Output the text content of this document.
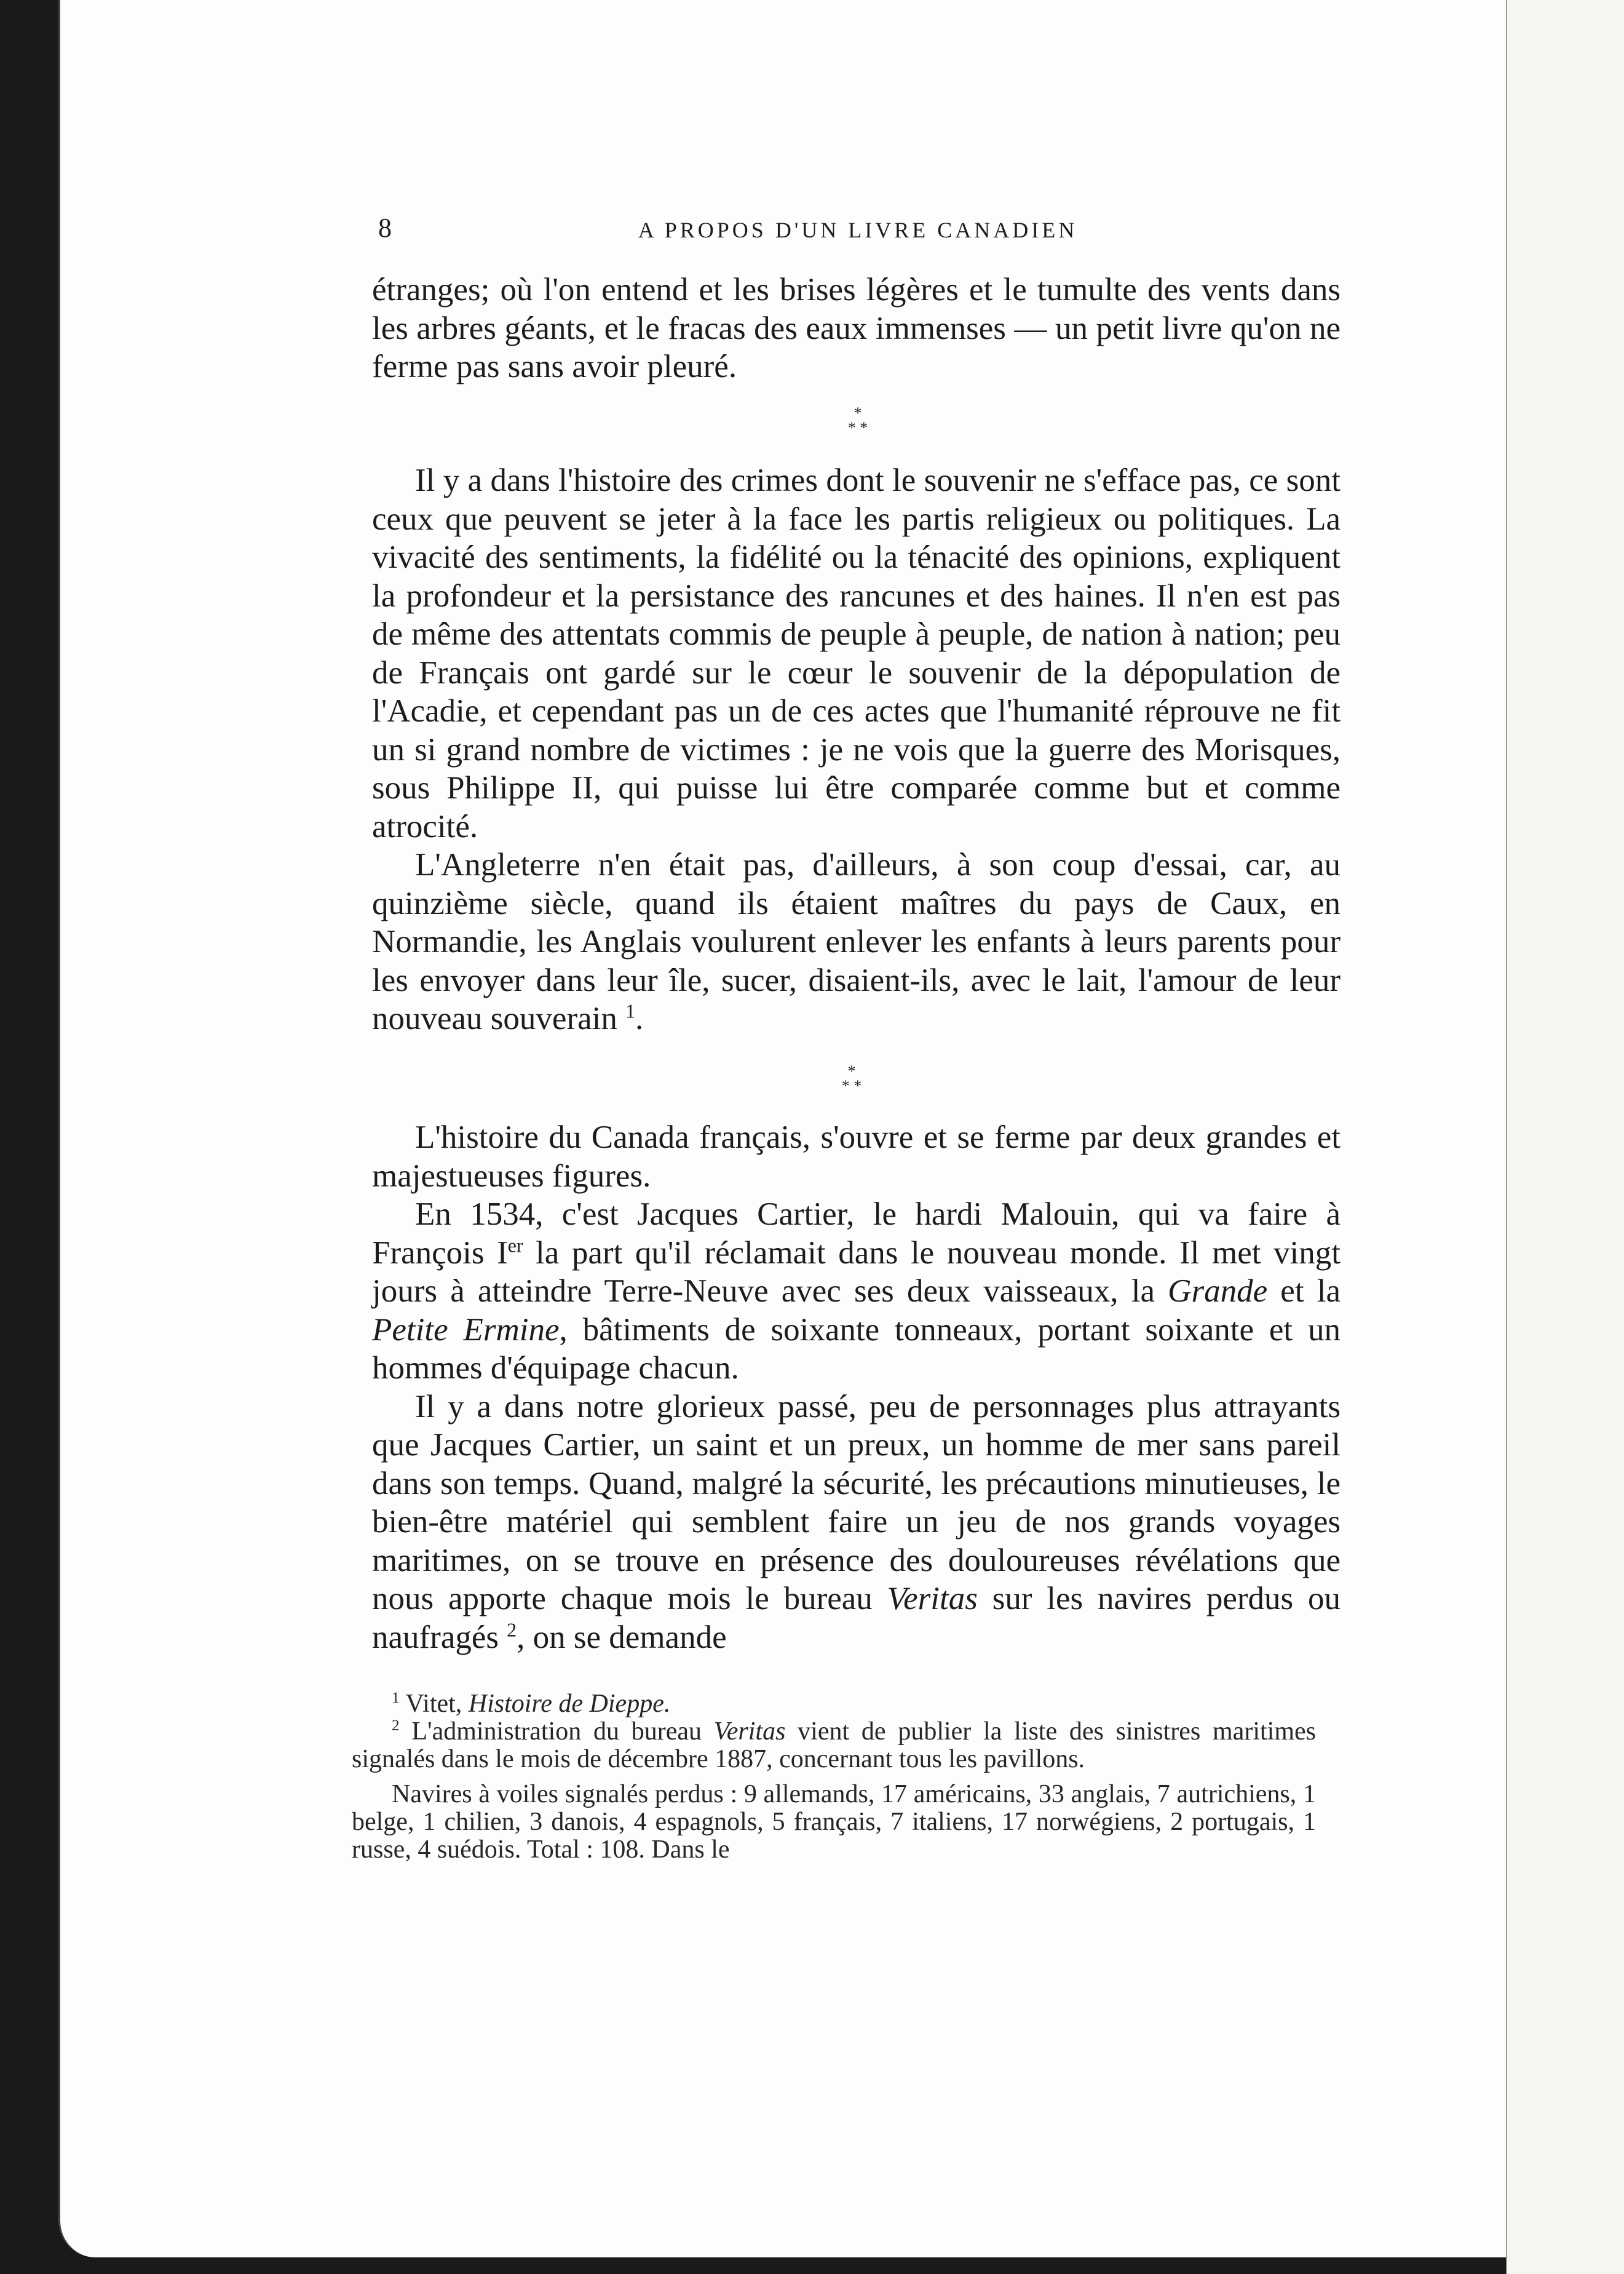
8	A PROPOS D'UN LIVRE CANADIEN

étranges; où l'on entend et les brises légères et le tumulte des vents dans les arbres géants, et le fracas des eaux immenses — un petit livre qu'on ne ferme pas sans avoir pleuré.

*
* *

Il y a dans l'histoire des crimes dont le souvenir ne s'efface pas, ce sont ceux que peuvent se jeter à la face les partis religieux ou politiques. La vivacité des sentiments, la fidélité ou la ténacité des opinions, expliquent la profondeur et la persistance des rancunes et des haines. Il n'en est pas de même des attentats commis de peuple à peuple, de nation à nation; peu de Français ont gardé sur le cœur le souvenir de la dépopulation de l'Acadie, et cependant pas un de ces actes que l'humanité réprouve ne fit un si grand nombre de victimes : je ne vois que la guerre des Morisques, sous Philippe II, qui puisse lui être comparée comme but et comme atrocité.

L'Angleterre n'en était pas, d'ailleurs, à son coup d'essai, car, au quinzième siècle, quand ils étaient maîtres du pays de Caux, en Normandie, les Anglais voulurent enlever les enfants à leurs parents pour les envoyer dans leur île, sucer, disaient-ils, avec le lait, l'amour de leur nouveau souverain $^1$.

*
* *

L'histoire du Canada français, s'ouvre et se ferme par deux grandes et majestueuses figures.

En 1534, c'est Jacques Cartier, le hardi Malouin, qui va faire à François Ier la part qu'il réclamait dans le nouveau monde. Il met vingt jours à atteindre Terre-Neuve avec ses deux vaisseaux, la Grande et la Petite Ermine, bâtiments de soixante tonneaux, portant soixante et un hommes d'équipage chacun.

Il y a dans notre glorieux passé, peu de personnages plus attrayants que Jacques Cartier, un saint et un preux, un homme de mer sans pareil dans son temps. Quand, malgré la sécurité, les précautions minutieuses, le bien-être matériel qui semblent faire un jeu de nos grands voyages maritimes, on se trouve en présence des douloureuses révélations que nous apporte chaque mois le bureau Veritas sur les navires perdus ou naufragés $^2$, on se demande

$^1$ Vitet, Histoire de Dieppe.

$^2$ L'administration du bureau Veritas vient de publier la liste des sinistres maritimes signalés dans le mois de décembre 1887, concernant tous les pavillons.

Navires à voiles signalés perdus : 9 allemands, 17 américains, 33 anglais, 7 autrichiens, 1 belge, 1 chilien, 3 danois, 4 espagnols, 5 français, 7 italiens, 17 norwégiens, 2 portugais, 1 russe, 4 suédois. Total : 108. Dans le
